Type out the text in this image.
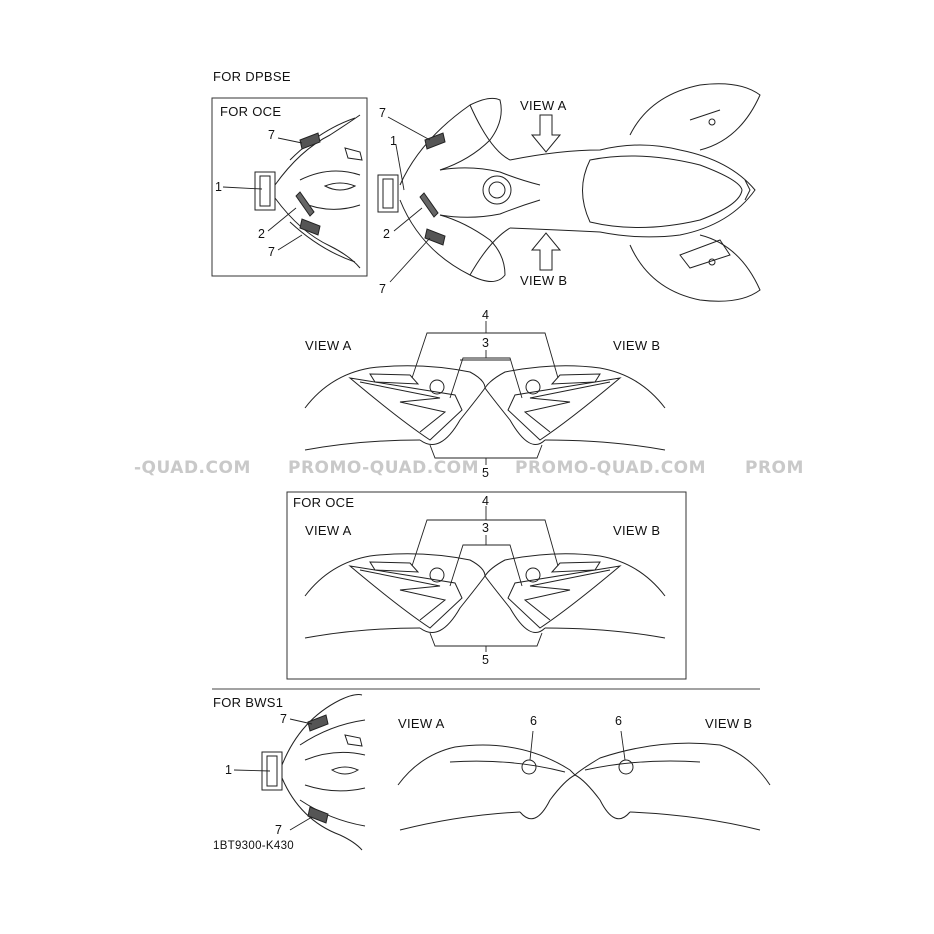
FOR DPBSE
FOR OCE	VIEW A
VIEW B
7
1
2
7
7
1
2
7
VIEW A	VIEW B
4
3
5
-QUAD.COM PROMO-QUAD.COM PROMO-QUAD.COM PROM
FOR OCE
VIEW A	VIEW B
4
3
5
FOR BWS1
7
1
7
1BT9300-K430
VIEW A	VIEW B
6	6
